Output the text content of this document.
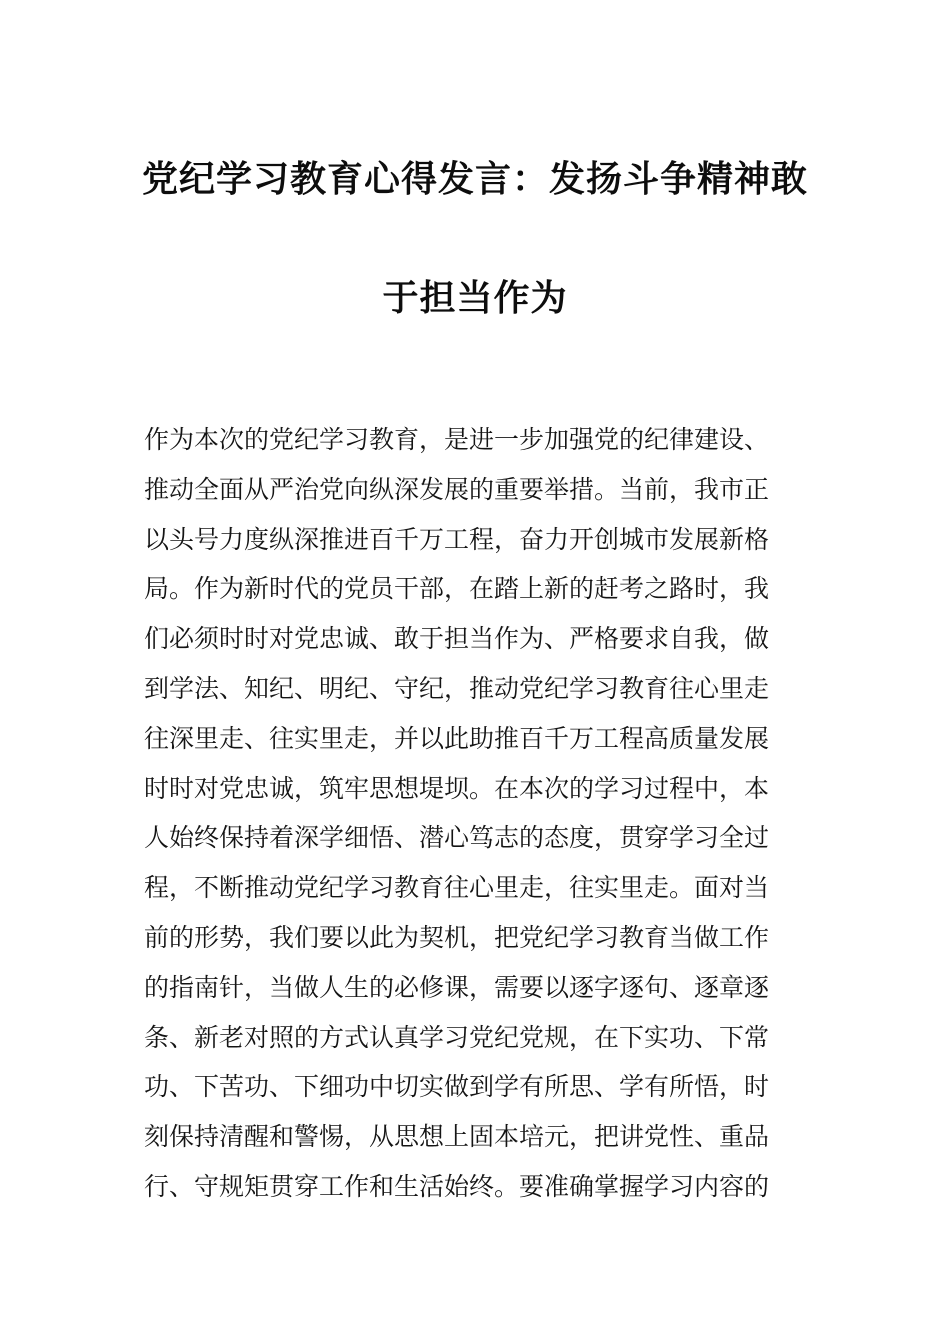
党纪学习教育心得发言：发扬斗争精神敢
于担当作为
作为本次的党纪学习教育，是进一步加强党的纪律建设、
推动全面从严治党向纵深发展的重要举措。当前，我市正
以头号力度纵深推进百千万工程，奋力开创城市发展新格
局。作为新时代的党员干部，在踏上新的赶考之路时，我
们必须时时对党忠诚、敢于担当作为、严格要求自我，做
到学法、知纪、明纪、守纪，推动党纪学习教育往心里走
往深里走、往实里走，并以此助推百千万工程高质量发展
时时对党忠诚，筑牢思想堤坝。在本次的学习过程中，本
人始终保持着深学细悟、潜心笃志的态度，贯穿学习全过
程，不断推动党纪学习教育往心里走，往实里走。面对当
前的形势，我们要以此为契机，把党纪学习教育当做工作
的指南针，当做人生的必修课，需要以逐字逐句、逐章逐
条、新老对照的方式认真学习党纪党规，在下实功、下常
功、下苦功、下细功中切实做到学有所思、学有所悟，时
刻保持清醒和警惕，从思想上固本培元，把讲党性、重品
行、守规矩贯穿工作和生活始终。要准确掌握学习内容的
